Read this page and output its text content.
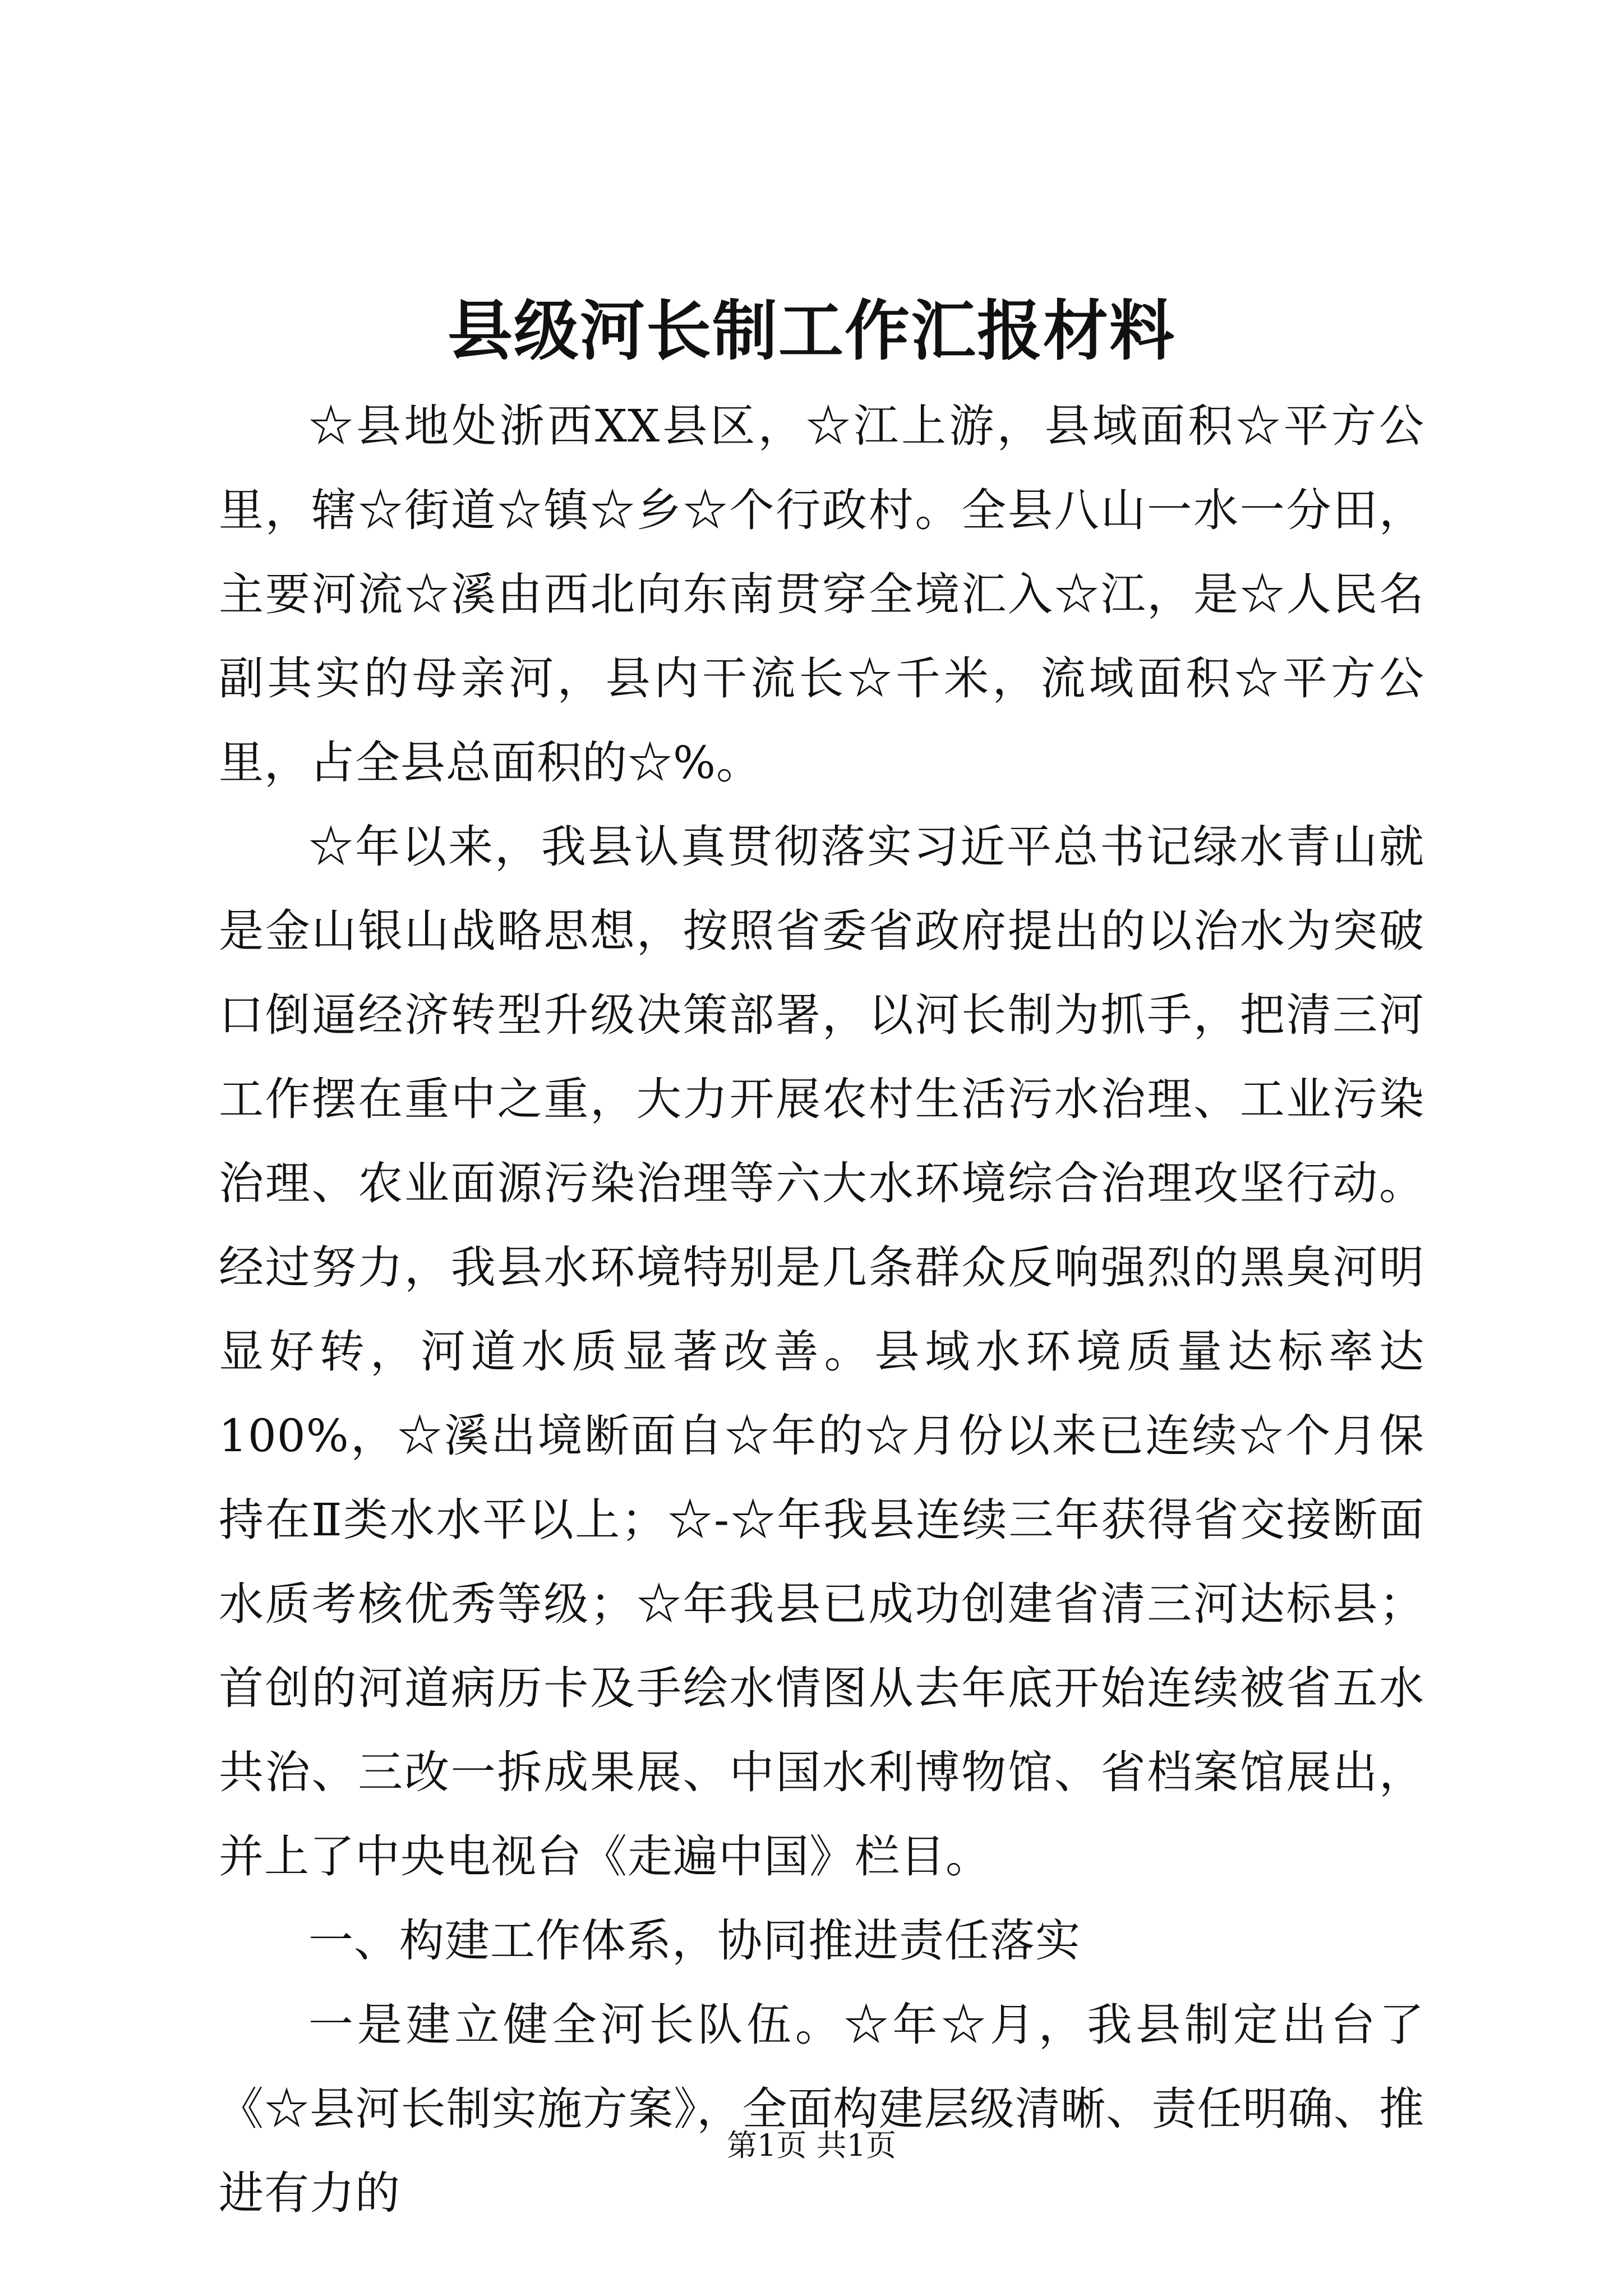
县级河长制工作汇报材料

☆县地处浙西XX县区，☆江上游，县域面积☆平方公里，辖☆街道☆镇☆乡☆个行政村。全县八山一水一分田，主要河流☆溪由西北向东南贯穿全境汇入☆江，是☆人民名副其实的母亲河，县内干流长☆千米，流域面积☆平方公里，占全县总面积的☆%。

☆年以来，我县认真贯彻落实习近平总书记绿水青山就是金山银山战略思想，按照省委省政府提出的以治水为突破口倒逼经济转型升级决策部署，以河长制为抓手，把清三河工作摆在重中之重，大力开展农村生活污水治理、工业污染治理、农业面源污染治理等六大水环境综合治理攻坚行动。经过努力，我县水环境特别是几条群众反响强烈的黑臭河明显好转，河道水质显著改善。县域水环境质量达标率达100%，☆溪出境断面自☆年的☆月份以来已连续☆个月保持在Ⅱ类水水平以上；☆-☆年我县连续三年获得省交接断面水质考核优秀等级；☆年我县已成功创建省清三河达标县；首创的河道病历卡及手绘水情图从去年底开始连续被省五水共治、三改一拆成果展、中国水利博物馆、省档案馆展出，并上了中央电视台《走遍中国》栏目。

一、构建工作体系，协同推进责任落实

一是建立健全河长队伍。☆年☆月，我县制定出台了《☆县河长制实施方案》，全面构建层级清晰、责任明确、推进有力的

第1页 共1页
